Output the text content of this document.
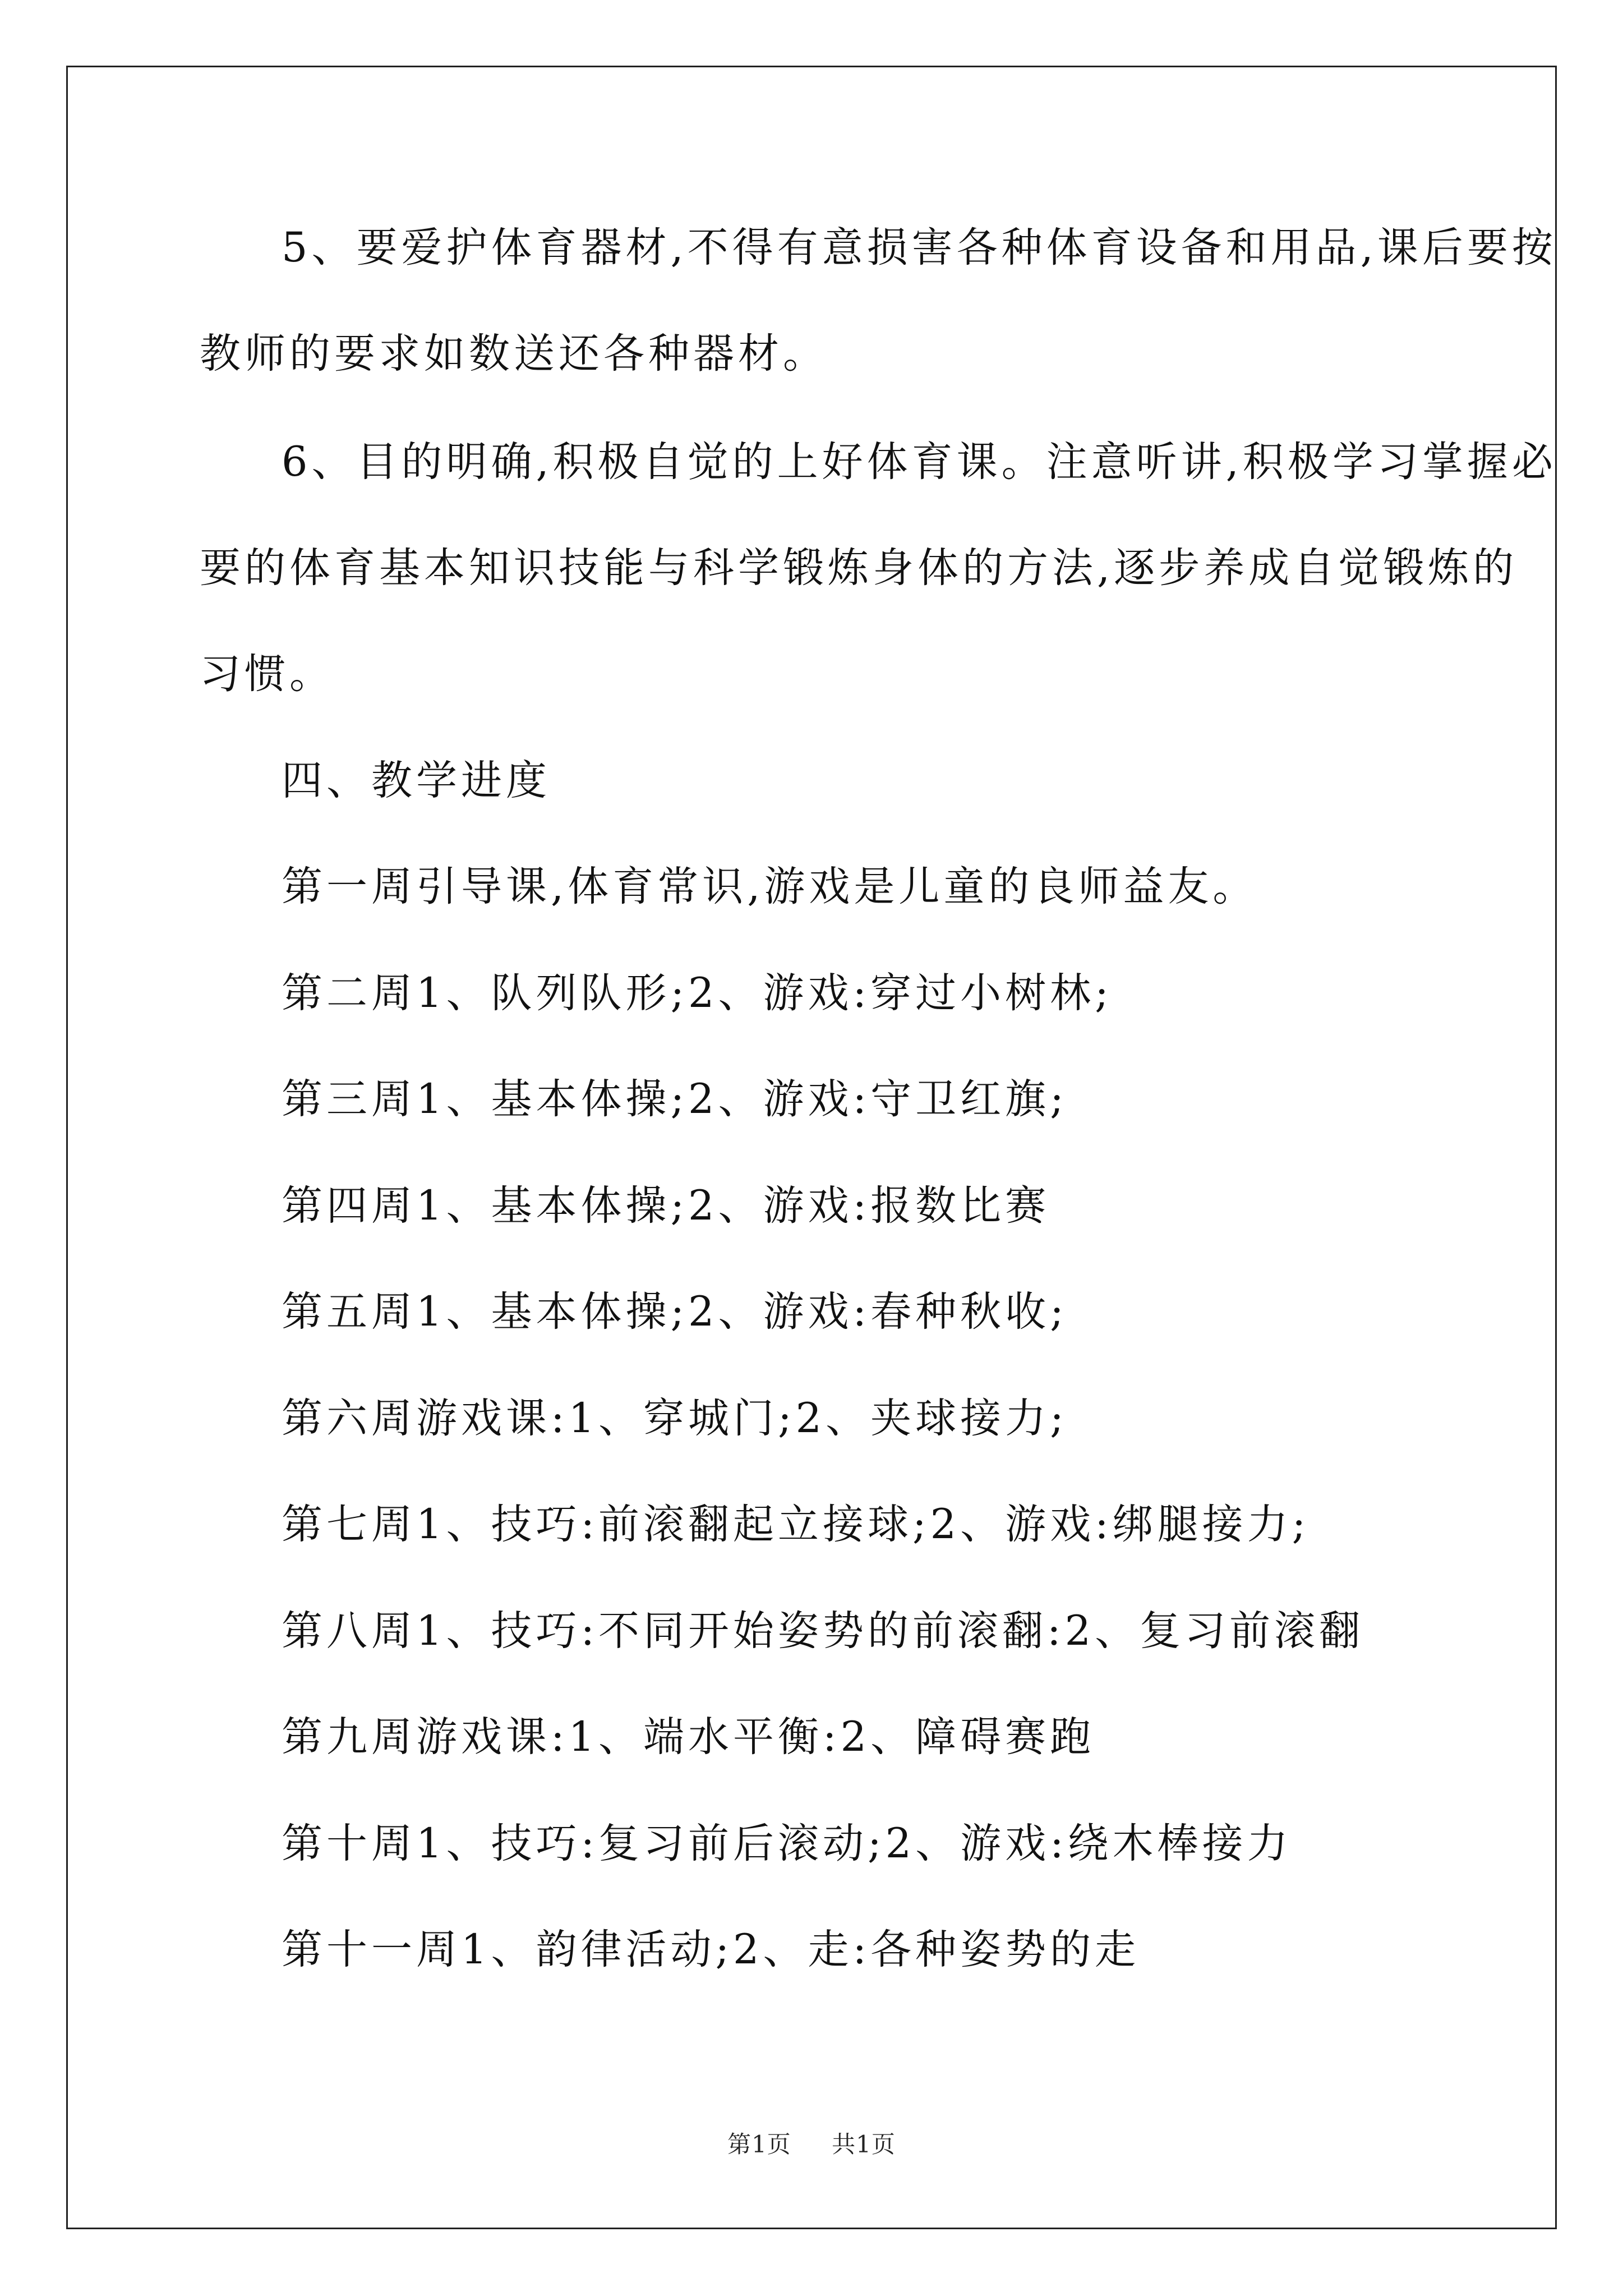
5、要爱护体育器材,不得有意损害各种体育设备和用品,课后要按
教师的要求如数送还各种器材。
6、目的明确,积极自觉的上好体育课。注意听讲,积极学习掌握必
要的体育基本知识技能与科学锻炼身体的方法,逐步养成自觉锻炼的
习惯。
四、教学进度
第一周引导课,体育常识,游戏是儿童的良师益友。
第二周1、队列队形;2、游戏:穿过小树林;
第三周1、基本体操;2、游戏:守卫红旗;
第四周1、基本体操;2、游戏:报数比赛
第五周1、基本体操;2、游戏:春种秋收;
第六周游戏课:1、穿城门;2、夹球接力;
第七周1、技巧:前滚翻起立接球;2、游戏:绑腿接力;
第八周1、技巧:不同开始姿势的前滚翻:2、复习前滚翻
第九周游戏课:1、端水平衡:2、障碍赛跑
第十周1、技巧:复习前后滚动;2、游戏:绕木棒接力
第十一周1、韵律活动;2、走:各种姿势的走
第1页 共1页
